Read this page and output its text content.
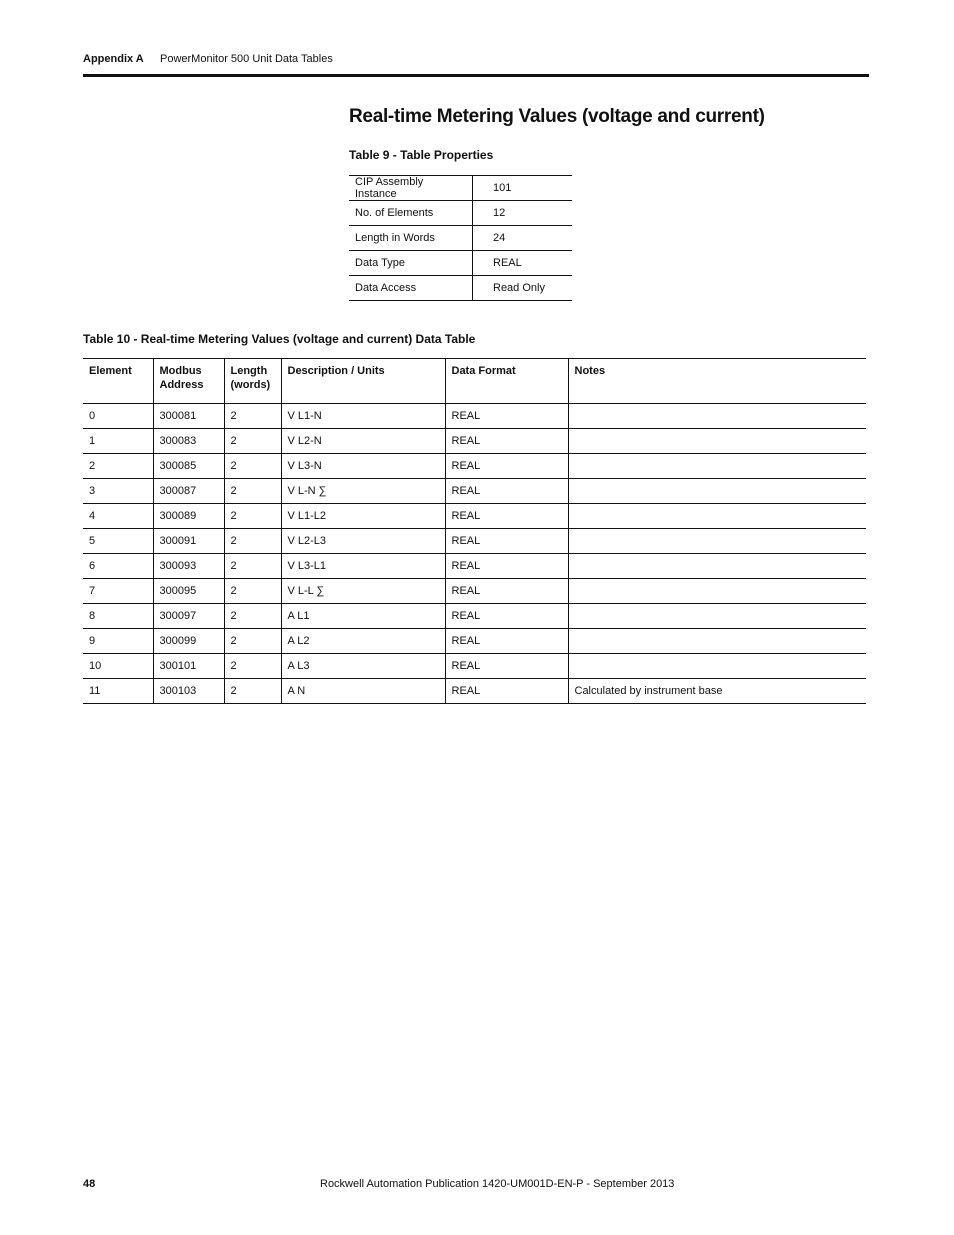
Appendix A	PowerMonitor 500 Unit Data Tables
Real-time Metering Values (voltage and current)
Table 9 - Table Properties
CIP Assembly Instance	101
No. of Elements	12
Length in Words	24
Data Type	REAL
Data Access	Read Only
Table 10 - Real-time Metering Values (voltage and current) Data Table
Element	Modbus Address	Length (words)	Description / Units	Data Format	Notes
0	300081	2	V L1-N	REAL	
1	300083	2	V L2-N	REAL	
2	300085	2	V L3-N	REAL	
3	300087	2	V L-N ∑	REAL	
4	300089	2	V L1-L2	REAL	
5	300091	2	V L2-L3	REAL	
6	300093	2	V L3-L1	REAL	
7	300095	2	V L-L ∑	REAL	
8	300097	2	A L1	REAL	
9	300099	2	A L2	REAL	
10	300101	2	A L3	REAL	
11	300103	2	A N	REAL	Calculated by instrument base
48	Rockwell Automation Publication 1420-UM001D-EN-P - September 2013
